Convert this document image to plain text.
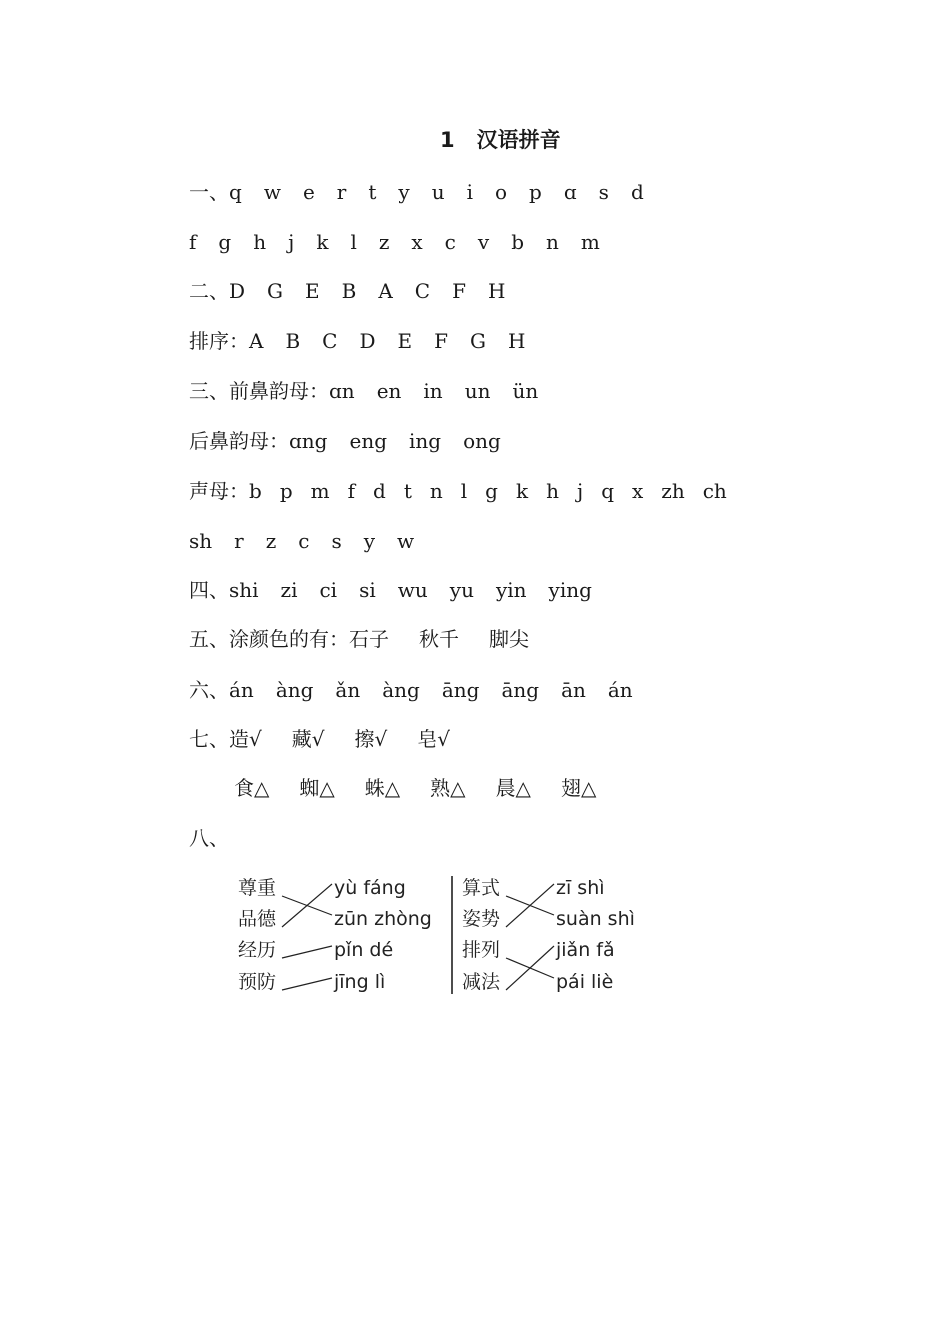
1 汉语拼音
一、q w e r t y u i o p ɑ s d
f g h j k l z x c v b n m
二、D G E B A C F H
排序：A B C D E F G H
三、前鼻韵母：ɑn en in un ün
后鼻韵母：ɑng eng ing ong
声母：b p m f d t n l g k h j q x zh ch
sh r z c s y w
四、shi zi ci si wu yu yin ying
五、涂颜色的有：石子 秋千 脚尖
六、án àng ǎn àng āng āng ān án
七、造√ 藏√ 擦√ 皂√
食△ 蜘△ 蛛△ 熟△ 晨△ 翅△
八、
尊重
品德
经历
预防
yù fáng
zūn zhòng
pǐn dé
jīng lì
算式
姿势
排列
减法
zī shì
suàn shì
jiǎn fǎ
pái liè
